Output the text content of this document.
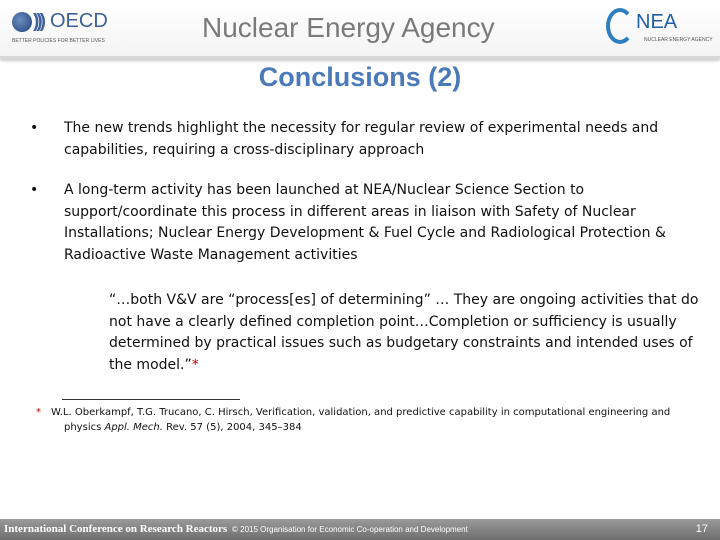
))) OECD
BETTER POLICIES FOR BETTER LIVES	Nuclear Energy Agency	NEA
NUCLEAR ENERGY AGENCY
Conclusions (2)
• The new trends highlight the necessity for regular review of experimental needs and capabilities, requiring a cross-disciplinary approach
• A long-term activity has been launched at NEA/Nuclear Science Section to support/coordinate this process in different areas in liaison with Safety of Nuclear Installations; Nuclear Energy Development & Fuel Cycle and Radiological Protection & Radioactive Waste Management activities
“…both V&V are “process[es] of determining” … They are ongoing activities that do not have a clearly defined completion point…Completion or sufficiency is usually determined by practical issues such as budgetary constraints and intended uses of the model.”*
* W.L. Oberkampf, T.G. Trucano, C. Hirsch, Verification, validation, and predictive capability in computational engineering and
physics Appl. Mech. Rev. 57 (5), 2004, 345–384
International Conference on Research Reactors © 2015 Organisation for Economic Co-operation and Development	17
